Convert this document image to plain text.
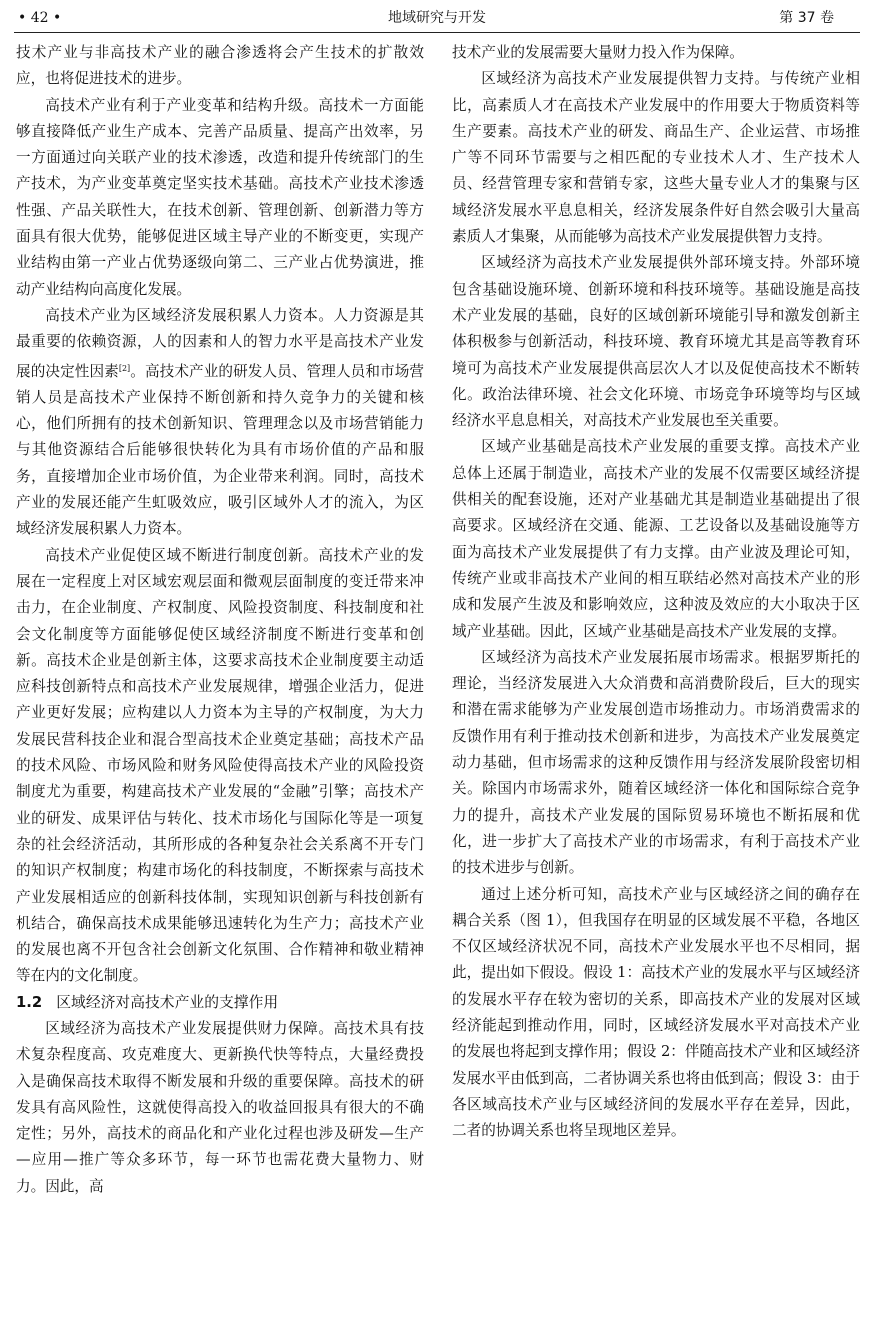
• 42 •	地域研究与开发	第 37 卷

技术产业与非高技术产业的融合渗透将会产生技术的扩散效应，也将促进技术的进步。

高技术产业有利于产业变革和结构升级。高技术一方面能够直接降低产业生产成本、完善产品质量、提高产出效率，另一方面通过向关联产业的技术渗透，改造和提升传统部门的生产技术，为产业变革奠定坚实技术基础。高技术产业技术渗透性强、产品关联性大，在技术创新、管理创新、创新潜力等方面具有很大优势，能够促进区域主导产业的不断变更，实现产业结构由第一产业占优势逐级向第二、三产业占优势演进，推动产业结构向高度化发展。

高技术产业为区域经济发展积累人力资本。人力资源是其最重要的依赖资源，人的因素和人的智力水平是高技术产业发展的决定性因素[2]。高技术产业的研发人员、管理人员和市场营销人员是高技术产业保持不断创新和持久竞争力的关键和核心，他们所拥有的技术创新知识、管理理念以及市场营销能力与其他资源结合后能够很快转化为具有市场价值的产品和服务，直接增加企业市场价值，为企业带来利润。同时，高技术产业的发展还能产生虹吸效应，吸引区域外人才的流入，为区域经济发展积累人力资本。

高技术产业促使区域不断进行制度创新。高技术产业的发展在一定程度上对区域宏观层面和微观层面制度的变迁带来冲击力，在企业制度、产权制度、风险投资制度、科技制度和社会文化制度等方面能够促使区域经济制度不断进行变革和创新。高技术企业是创新主体，这要求高技术企业制度要主动适应科技创新特点和高技术产业发展规律，增强企业活力，促进产业更好发展；应构建以人力资本为主导的产权制度，为大力发展民营科技企业和混合型高技术企业奠定基础；高技术产品的技术风险、市场风险和财务风险使得高技术产业的风险投资制度尤为重要，构建高技术产业发展的“金融”引擎；高技术产业的研发、成果评估与转化、技术市场化与国际化等是一项复杂的社会经济活动，其所形成的各种复杂社会关系离不开专门的知识产权制度；构建市场化的科技制度，不断探索与高技术产业发展相适应的创新科技体制，实现知识创新与科技创新有机结合，确保高技术成果能够迅速转化为生产力；高技术产业的发展也离不开包含社会创新文化氛围、合作精神和敬业精神等在内的文化制度。

1.2 区域经济对高技术产业的支撑作用

区域经济为高技术产业发展提供财力保障。高技术具有技术复杂程度高、攻克难度大、更新换代快等特点，大量经费投入是确保高技术取得不断发展和升级的重要保障。高技术的研发具有高风险性，这就使得高投入的收益回报具有很大的不确定性；另外，高技术的商品化和产业化过程也涉及研发—生产—应用—推广等众多环节，每一环节也需花费大量物力、财力。因此，高

技术产业的发展需要大量财力投入作为保障。

区域经济为高技术产业发展提供智力支持。与传统产业相比，高素质人才在高技术产业发展中的作用要大于物质资料等生产要素。高技术产业的研发、商品生产、企业运营、市场推广等不同环节需要与之相匹配的专业技术人才、生产技术人员、经营管理专家和营销专家，这些大量专业人才的集聚与区域经济发展水平息息相关，经济发展条件好自然会吸引大量高素质人才集聚，从而能够为高技术产业发展提供智力支持。

区域经济为高技术产业发展提供外部环境支持。外部环境包含基础设施环境、创新环境和科技环境等。基础设施是高技术产业发展的基础，良好的区域创新环境能引导和激发创新主体积极参与创新活动，科技环境、教育环境尤其是高等教育环境可为高技术产业发展提供高层次人才以及促使高技术不断转化。政治法律环境、社会文化环境、市场竞争环境等均与区域经济水平息息相关，对高技术产业发展也至关重要。

区域产业基础是高技术产业发展的重要支撑。高技术产业总体上还属于制造业，高技术产业的发展不仅需要区域经济提供相关的配套设施，还对产业基础尤其是制造业基础提出了很高要求。区域经济在交通、能源、工艺设备以及基础设施等方面为高技术产业发展提供了有力支撑。由产业波及理论可知，传统产业或非高技术产业间的相互联结必然对高技术产业的形成和发展产生波及和影响效应，这种波及效应的大小取决于区域产业基础。因此，区域产业基础是高技术产业发展的支撑。

区域经济为高技术产业发展拓展市场需求。根据罗斯托的理论，当经济发展进入大众消费和高消费阶段后，巨大的现实和潜在需求能够为产业发展创造市场推动力。市场消费需求的反馈作用有利于推动技术创新和进步，为高技术产业发展奠定动力基础，但市场需求的这种反馈作用与经济发展阶段密切相关。除国内市场需求外，随着区域经济一体化和国际综合竞争力的提升，高技术产业发展的国际贸易环境也不断拓展和优化，进一步扩大了高技术产业的市场需求，有利于高技术产业的技术进步与创新。

通过上述分析可知，高技术产业与区域经济之间的确存在耦合关系（图 1），但我国存在明显的区域发展不平稳，各地区不仅区域经济状况不同，高技术产业发展水平也不尽相同，据此，提出如下假设。假设 1：高技术产业的发展水平与区域经济的发展水平存在较为密切的关系，即高技术产业的发展对区域经济能起到推动作用，同时，区域经济发展水平对高技术产业的发展也将起到支撑作用；假设 2：伴随高技术产业和区域经济发展水平由低到高，二者协调关系也将由低到高；假设 3：由于各区域高技术产业与区域经济间的发展水平存在差异，因此，二者的协调关系也将呈现地区差异。
